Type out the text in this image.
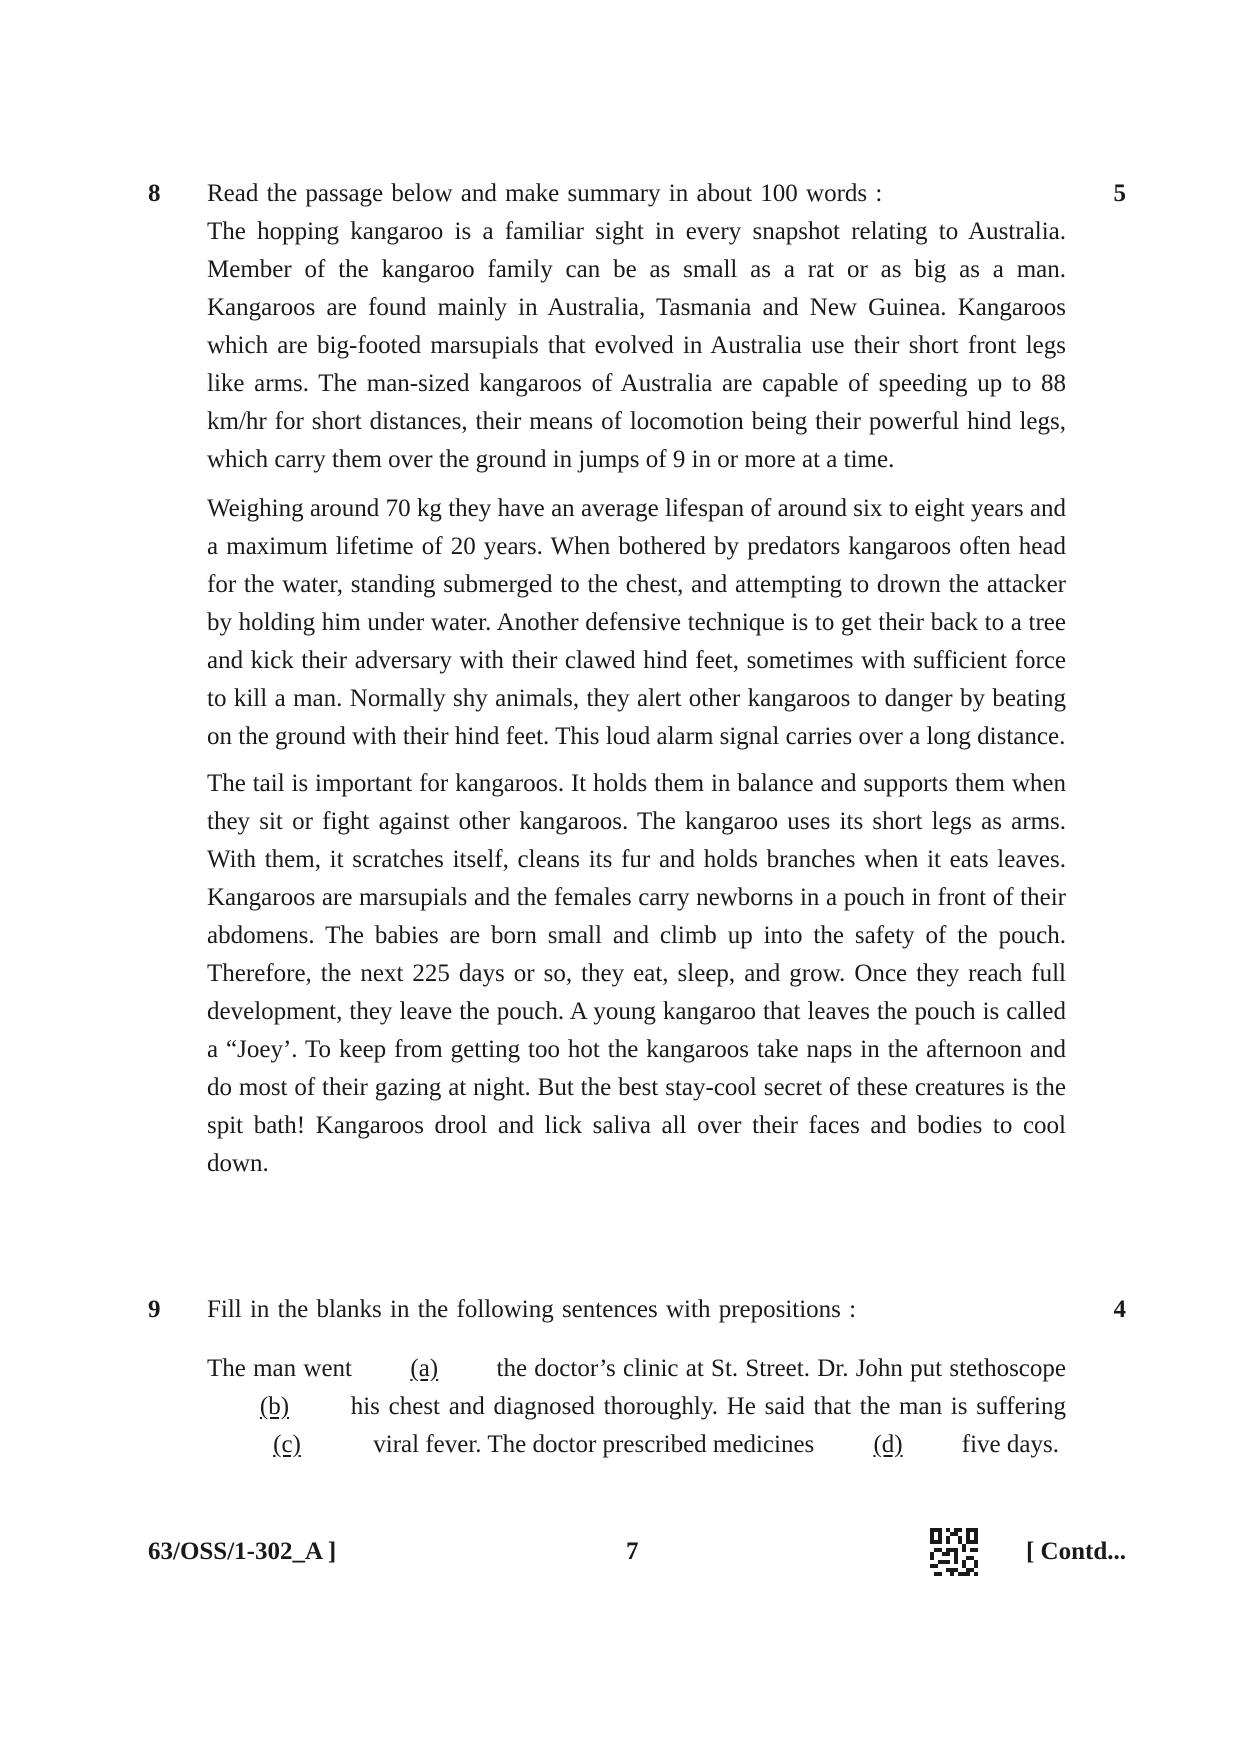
8 Read the passage below and make summary in about 100 words :	5

The hopping kangaroo is a familiar sight in every snapshot relating to Australia. Member of the kangaroo family can be as small as a rat or as big as a man. Kangaroos are found mainly in Australia, Tasmania and New Guinea. Kangaroos which are big-footed marsupials that evolved in Australia use their short front legs like arms. The man-sized kangaroos of Australia are capable of speeding up to 88 km/hr for short distances, their means of locomotion being their powerful hind legs, which carry them over the ground in jumps of 9 in or more at a time.

Weighing around 70 kg they have an average lifespan of around six to eight years and a maximum lifetime of 20 years. When bothered by predators kangaroos often head for the water, standing submerged to the chest, and attempting to drown the attacker by holding him under water. Another defensive technique is to get their back to a tree and kick their adversary with their clawed hind feet, sometimes with sufficient force to kill a man. Normally shy animals, they alert other kangaroos to danger by beating on the ground with their hind feet. This loud alarm signal carries over a long distance.

The tail is important for kangaroos. It holds them in balance and supports them when they sit or fight against other kangaroos. The kangaroo uses its short legs as arms. With them, it scratches itself, cleans its fur and holds branches when it eats leaves. Kangaroos are marsupials and the females carry newborns in a pouch in front of their abdomens. The babies are born small and climb up into the safety of the pouch. Therefore, the next 225 days or so, they eat, sleep, and grow. Once they reach full development, they leave the pouch. A young kangaroo that leaves the pouch is called a “Joey’. To keep from getting too hot the kangaroos take naps in the afternoon and do most of their gazing at night. But the best stay-cool secret of these creatures is the spit bath! Kangaroos drool and lick saliva all over their faces and bodies to cool down.

9 Fill in the blanks in the following sentences with prepositions :	4

The man went (a) the doctor’s clinic at St. Street. Dr. John put stethoscope (b) his chest and diagnosed thoroughly. He said that the man is suffering (c)	viral fever. The doctor prescribed medicines (d) five days.

63/OSS/1-302_A ]	7	[ Contd...
